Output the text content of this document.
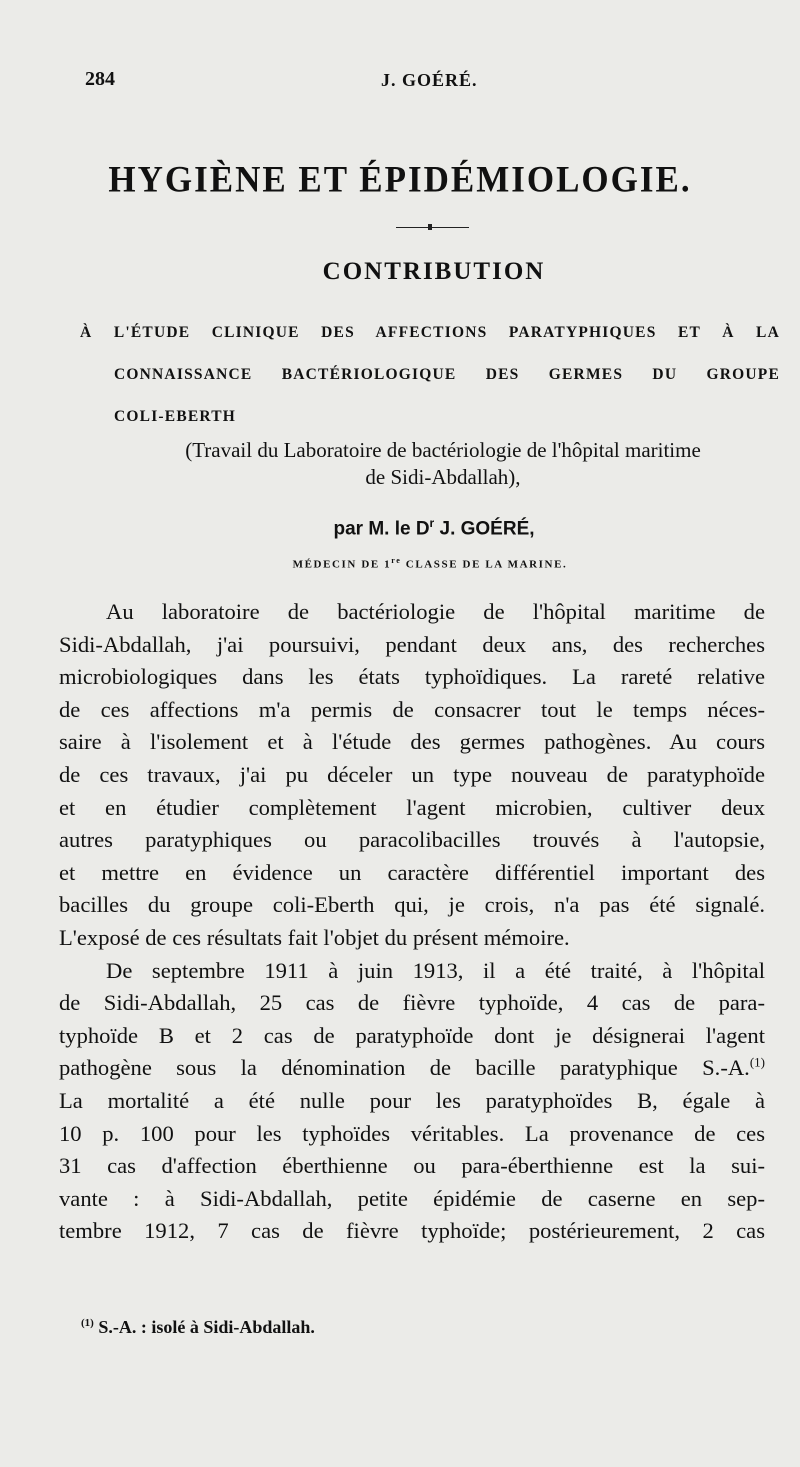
284	J. GOÉRÉ.
HYGIÈNE ET ÉPIDÉMIOLOGIE.
CONTRIBUTION
À L'ÉTUDE CLINIQUE DES AFFECTIONS PARATYPHIQUES ET À LA
CONNAISSANCE BACTÉRIOLOGIQUE DES GERMES DU GROUPE
COLI-EBERTH
(Travail du Laboratoire de bactériologie de l'hôpital maritime
de Sidi-Abdallah),
par M. le $D^r$ J. GOÉRÉ,
MÉDECIN DE 1re CLASSE DE LA MARINE.
Au laboratoire de bactériologie de l'hôpital maritime de
Sidi-Abdallah, j'ai poursuivi, pendant deux ans, des recherches
microbiologiques dans les états typhoïdiques. La rareté relative
de ces affections m'a permis de consacrer tout le temps néces-
saire à l'isolement et à l'étude des germes pathogènes. Au cours
de ces travaux, j'ai pu déceler un type nouveau de paratyphoïde
et en étudier complètement l'agent microbien, cultiver deux
autres paratyphiques ou paracolibacilles trouvés à l'autopsie,
et mettre en évidence un caractère différentiel important des
bacilles du groupe coli-Eberth qui, je crois, n'a pas été signalé.
L'exposé de ces résultats fait l'objet du présent mémoire.
De septembre 1911 à juin 1913, il a été traité, à l'hôpital
de Sidi-Abdallah, 25 cas de fièvre typhoïde, 4 cas de para-
typhoïde B et 2 cas de paratyphoïde dont je désignerai l'agent
pathogène sous la dénomination de bacille paratyphique S.-A.$^{(1)}$
La mortalité a été nulle pour les paratyphoïdes B, égale à
10 p. 100 pour les typhoïdes véritables. La provenance de ces
31 cas d'affection éberthienne ou para-éberthienne est la sui-
vante : à Sidi-Abdallah, petite épidémie de caserne en sep-
tembre 1912, 7 cas de fièvre typhoïde; postérieurement, 2 cas
$^{(1)}$ S.-A. : isolé à Sidi-Abdallah.
